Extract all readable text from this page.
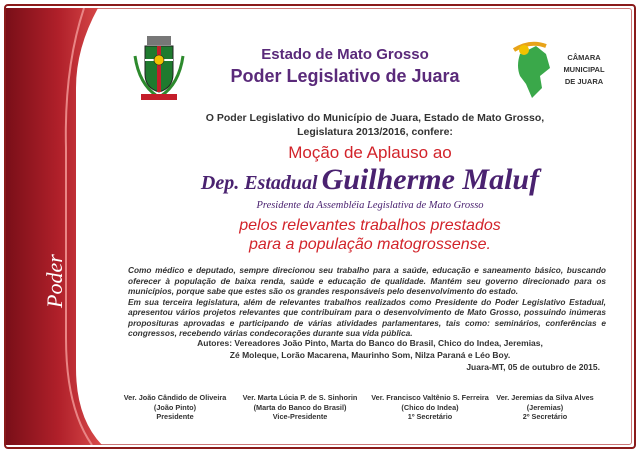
Poder Legislativo
Estado de Mato Grosso
Poder Legislativo de Juara
CÂMARA
MUNICIPAL
DE JUARA
O Poder Legislativo do Município de Juara, Estado de Mato Grosso,
Legislatura 2013/2016, confere:
Moção de Aplauso ao
Dep. Estadual Guilherme Maluf
Presidente da Assembléia Legislativa de Mato Grosso
pelos relevantes trabalhos prestados
para a população matogrossense.

Como médico e deputado, sempre direcionou seu trabalho para a saúde, educação e saneamento básico, buscando oferecer à população de baixa renda, saúde e educação de qualidade. Mantém seu governo direcionado para os municípios, porque sabe que estes são os grandes responsáveis pelo desenvolvimento do estado.

Em sua terceira legislatura, além de relevantes trabalhos realizados como Presidente do Poder Legislativo Estadual, apresentou vários projetos relevantes que contribuiram para o desenvolvimento de Mato Grosso, possuindo inúmeras proposituras aprovadas e participando de várias atividades parlamentares, tais como: seminários, conferências e congressos, recebendo várias condecorações durante sua vida pública.

Autores: Vereadores João Pinto, Marta do Banco do Brasil, Chico do Indea, Jeremias,
Zé Moleque, Lorão Macarena, Maurinho Som, Nilza Paraná e Léo Boy.
Juara-MT, 05 de outubro de 2015.
Ver. João Cândido de Oliveira
(João Pinto)
Presidente
Ver. Marta Lúcia P. de S. Sinhorin
(Marta do Banco do Brasil)
Vice-Presidente
Ver. Francisco Valtênio S. Ferreira
(Chico do Indea)
1º Secretário
Ver. Jeremias da Silva Alves
(Jeremias)
2º Secretário
